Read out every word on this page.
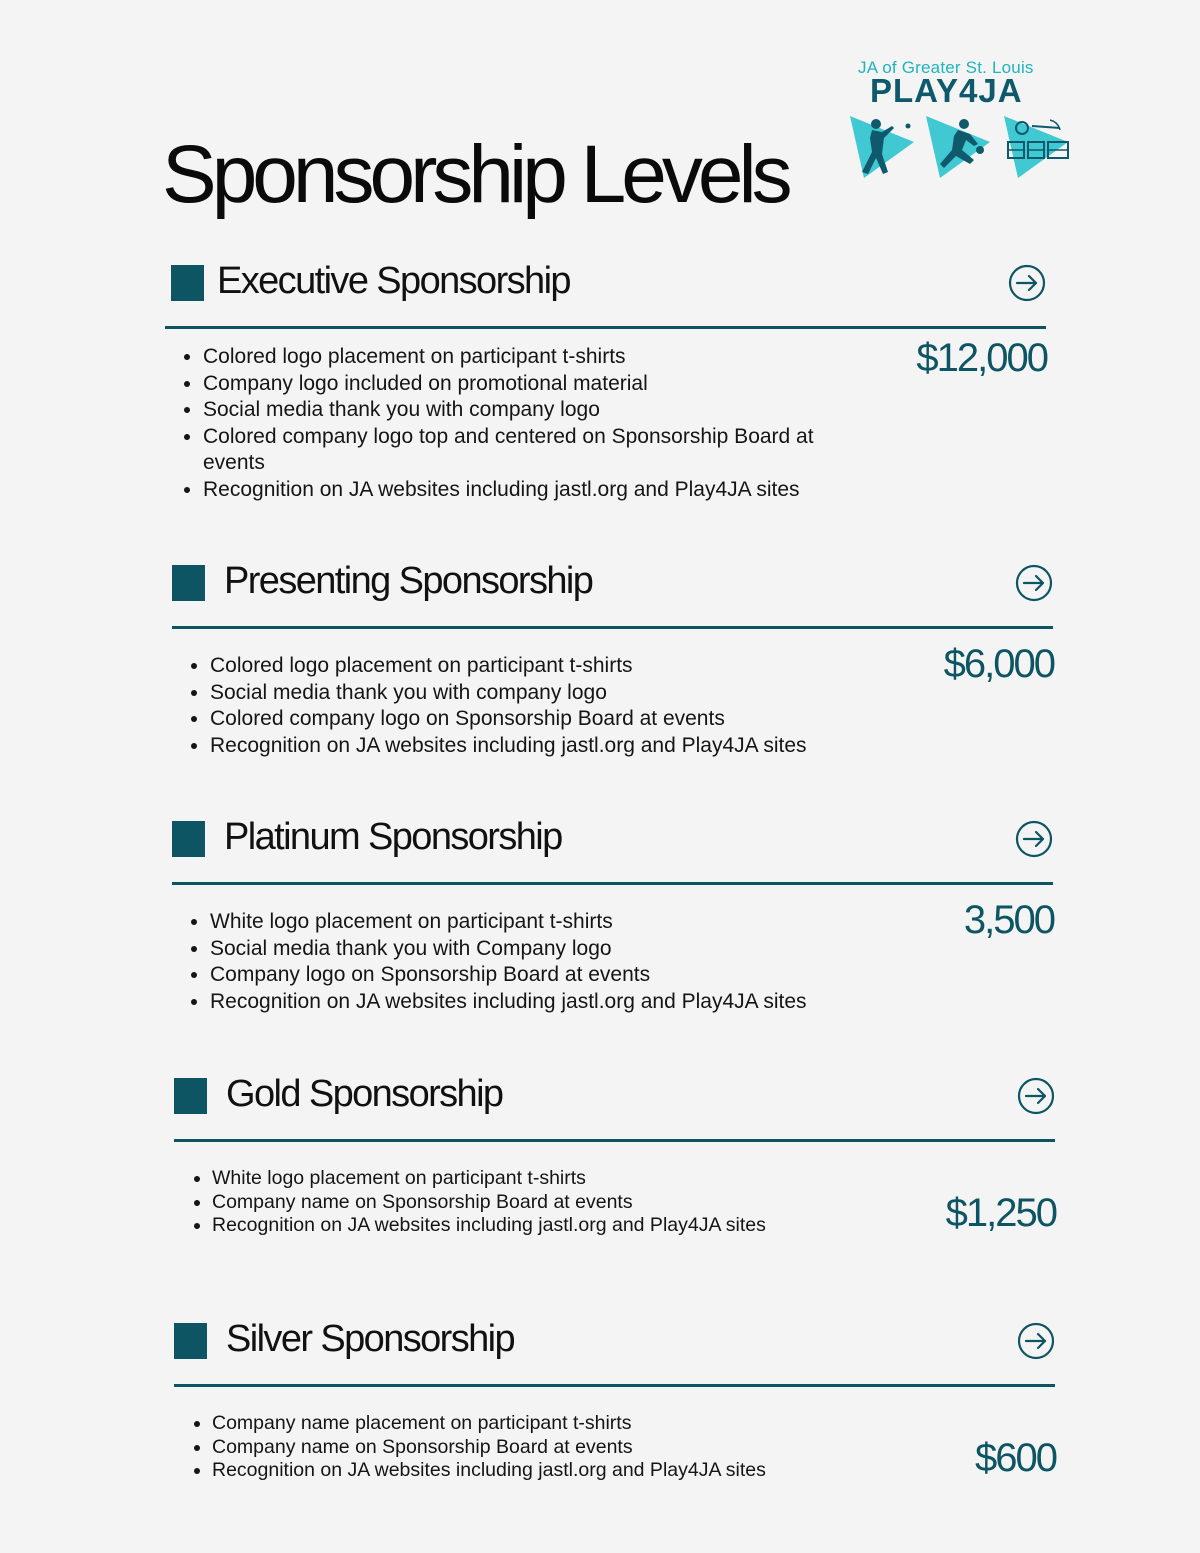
JA of Greater St. Louis
PLAY4JA
Sponsorship Levels
Executive Sponsorship
• Colored logo placement on participant t-shirts
• Company logo included on promotional material
• Social media thank you with company logo
• Colored company logo top and centered on Sponsorship Board at events
• Recognition on JA websites including jastl.org and Play4JA sites
$12,000
Presenting Sponsorship
• Colored logo placement on participant t-shirts
• Social media thank you with company logo
• Colored company logo on Sponsorship Board at events
• Recognition on JA websites including jastl.org and Play4JA sites
$6,000
Platinum Sponsorship
• White logo placement on participant t-shirts
• Social media thank you with Company logo
• Company logo on Sponsorship Board at events
• Recognition on JA websites including jastl.org and Play4JA sites
3,500
Gold Sponsorship
• White logo placement on participant t-shirts
• Company name on Sponsorship Board at events
• Recognition on JA websites including jastl.org and Play4JA sites	$1,250
Silver Sponsorship
• Company name placement on participant t-shirts
• Company name on Sponsorship Board at events
• Recognition on JA websites including jastl.org and Play4JA sites	$600
